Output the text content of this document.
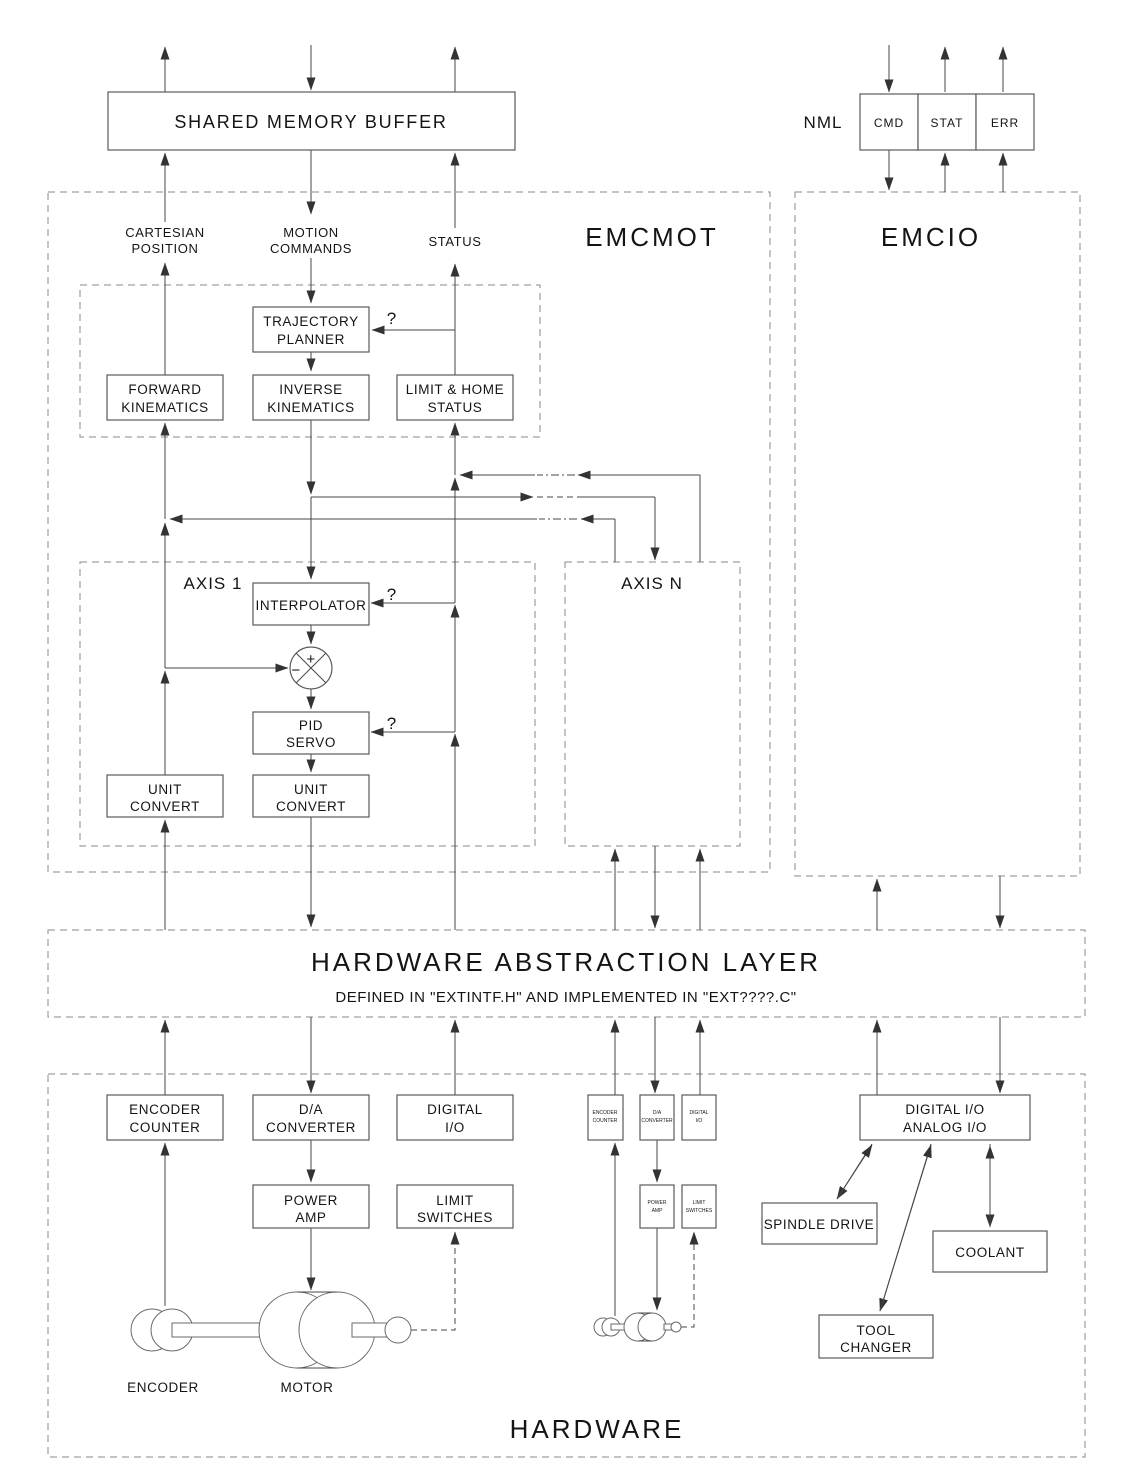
SHARED MEMORY BUFFER	NML	CMD STAT ERR
EMCMOT	EMCIO
CARTESIAN
POSITION
MOTION
COMMANDS	STATUS
TRAJECTORY
PLANNER
FORWARD
KINEMATICS
INVERSE
KINEMATICS
LIMIT & HOME
STATUS
?
AXIS 1
INTERPOLATOR
?
+
−
PID
SERVO
?
UNIT
CONVERT
UNIT
CONVERT
AXIS N
HARDWARE ABSTRACTION LAYER
DEFINED IN "EXTINTF.H" AND IMPLEMENTED IN "EXT????.C"
ENCODER
COUNTER
D/A
CONVERTER
DIGITAL
I/O
POWER
AMP
LIMIT
SWITCHES
ENCODER
COUNTER
D/A
CONVERTER
DIGITAL
I/O
POWER
AMP
LIMIT
SWITCHES
ENCODER	MOTOR
DIGITAL I/O
ANALOG I/O
SPINDLE DRIVE
COOLANT
TOOL
CHANGER
HARDWARE
